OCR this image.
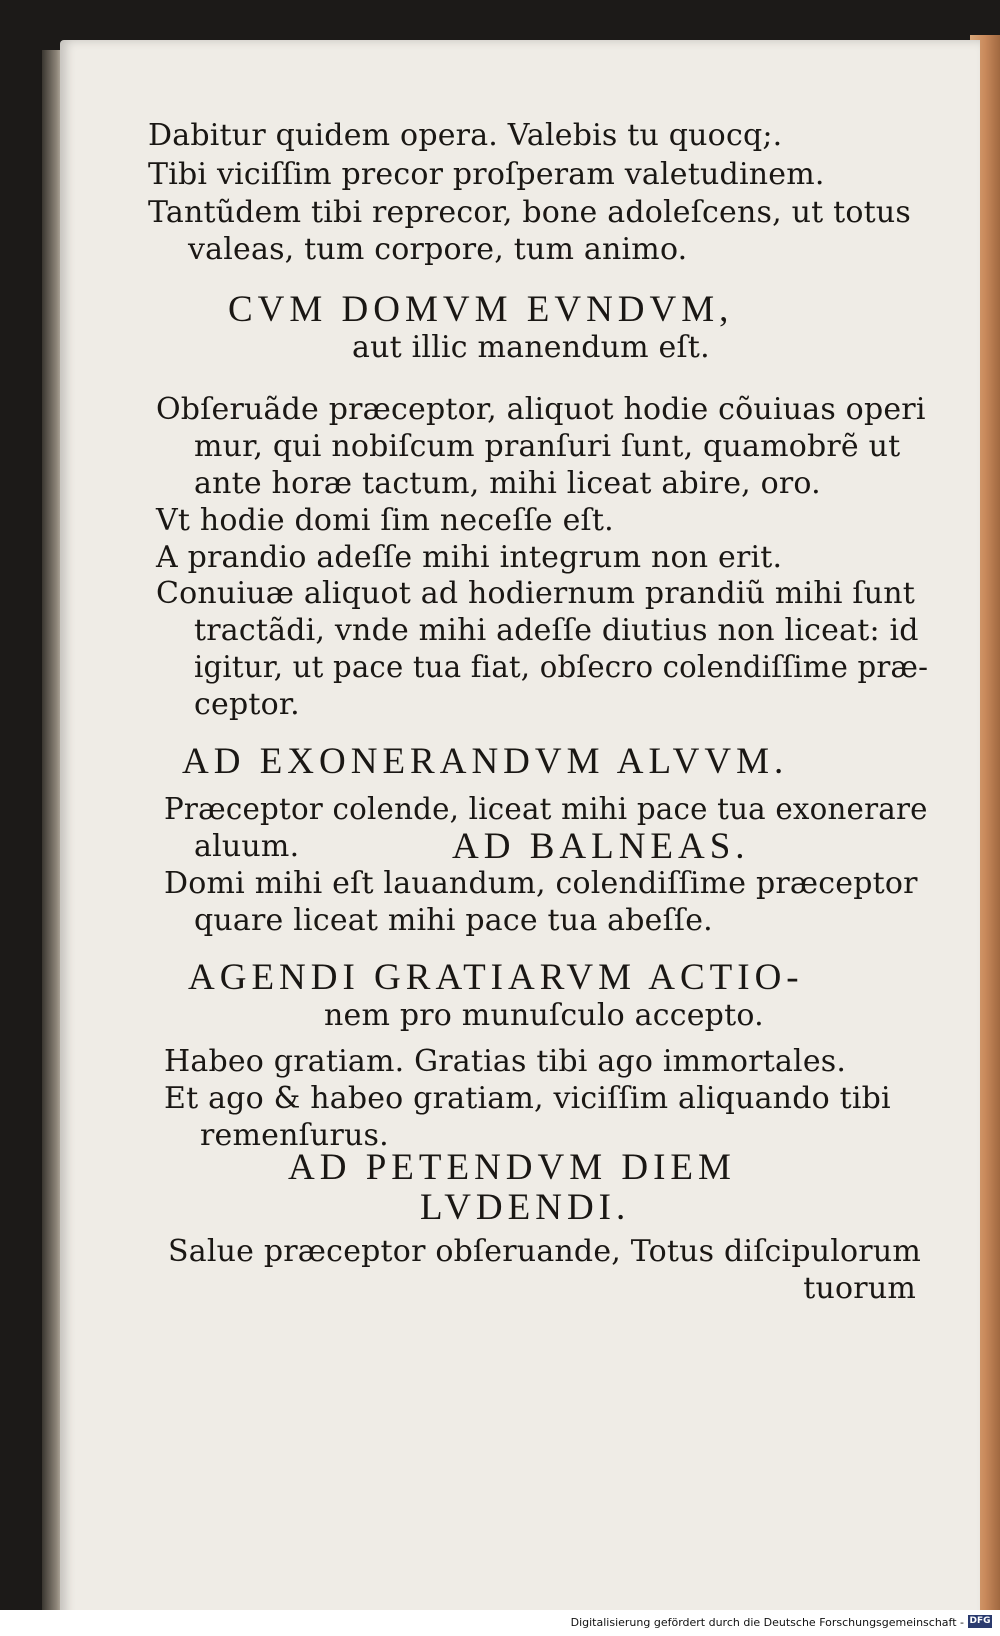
Dabitur quidem opera. Valebis tu quocq;.
Tibi viciſſim precor proſperam valetudinem.
Tantũdem tibi reprecor, bone adoleſcens, ut totus
valeas, tum corpore, tum animo.
CVM DOMVM EVNDVM,
aut illic manendum eſt.
Obſeruãde præceptor, aliquot hodie cõuiuas operi
mur, qui nobiſcum pranſuri ſunt, quamobrẽ ut
ante horæ tactum, mihi liceat abire, oro.
Vt hodie domi ſim neceſſe eſt.
A prandio adeſſe mihi integrum non erit.
Conuiuæ aliquot ad hodiernum prandiũ mihi ſunt
tractãdi, vnde mihi adeſſe diutius non liceat: id
igitur, ut pace tua fiat, obſecro colendiſſime præ-
ceptor.
AD EXONERANDVM ALVVM.
Præceptor colende, liceat mihi pace tua exonerare
aluum.	AD BALNEAS.
Domi mihi eſt lauandum, colendiſſime præceptor
quare liceat mihi pace tua abeſſe.
AGENDI GRATIARVM ACTIO-
nem pro munuſculo accepto.
Habeo gratiam. Gratias tibi ago immortales.
Et ago & habeo gratiam, viciſſim aliquando tibi
remenſurus.
AD PETENDVM DIEM
LVDENDI.
Salue præceptor obſeruande, Totus diſcipulorum
tuorum
Digitalisierung gefördert durch die Deutsche Forschungsgemeinschaft - DFG
